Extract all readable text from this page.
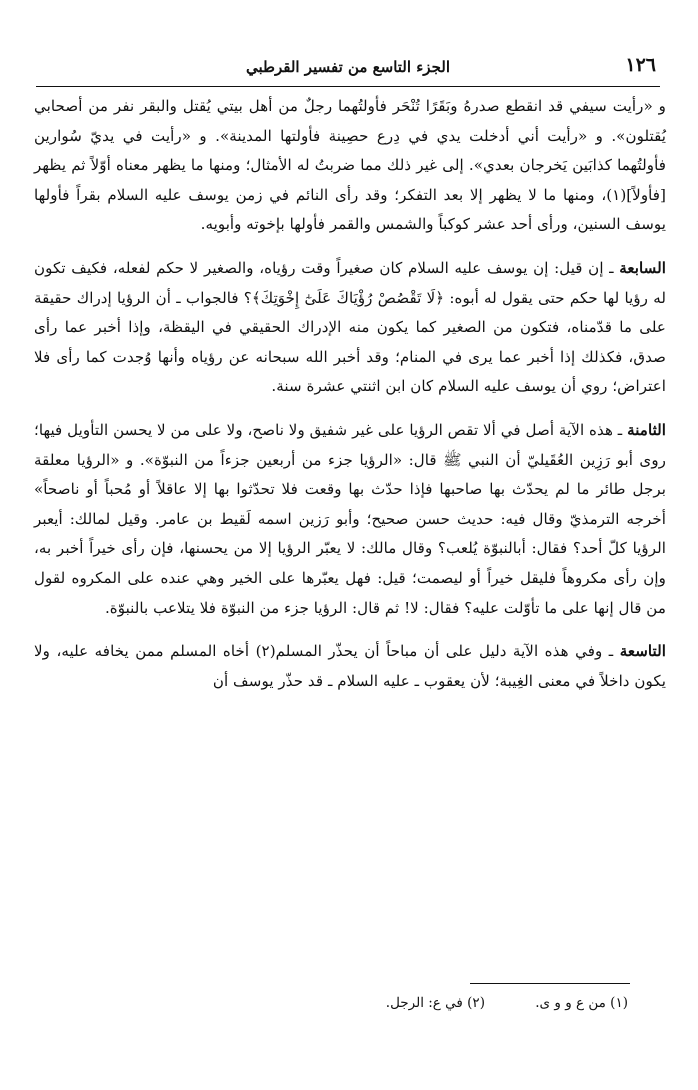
١٢٦
الجزء التاسع من تفسير القرطبي

و «رأيت سيفي قد انقطع صدرهُ وبَقَرًا تُنْحَر فأولتُهما رجلٌ من أهل بيتي يُقتل والبقر نفر من أصحابي يُقتلون». و «رأيت أني أدخلت يدي في دِرع حصِينة فأولتها المدينة». و «رأيت في يديّ سُوارين فأولتُهما كذابَين يَخرجان بعدي». إلى غير ذلك مما ضربتُ له الأمثال؛ ومنها ما يظهر معناه أوّلاً ثم يظهر [فأولاً](١)، ومنها ما لا يظهر إلا بعد التفكر؛ وقد رأى النائم في زمن يوسف عليه السلام بقراً فأولها يوسف السنين، ورأى أحد عشر كوكباً والشمس والقمر فأولها بإخوته وأبويه.

السابعة ـ إن قيل: إن يوسف عليه السلام كان صغيراً وقت رؤياه، والصغير لا حكم لفعله، فكيف تكون له رؤيا لها حكم حتى يقول له أبوه: ﴿لَا تَقْصُصْ رُؤْيَاكَ عَلَىٰٓ إِخْوَتِكَ﴾؟ فالجواب ـ أن الرؤيا إدراك حقيقة على ما قدّمناه، فتكون من الصغير كما يكون منه الإدراك الحقيقي في اليقظة، وإذا أخبر عما رأى صدق، فكذلك إذا أخبر عما يرى في المنام؛ وقد أخبر الله سبحانه عن رؤياه وأنها وُجدت كما رأى فلا اعتراض؛ روي أن يوسف عليه السلام كان ابن اثنتي عشرة سنة.

الثامنة ـ هذه الآية أصل في ألا تقص الرؤيا على غير شفيق ولا ناصح، ولا على من لا يحسن التأويل فيها؛ روى أبو رَزِين العُقَيليّ أن النبي ﷺ قال: «الرؤيا جزء من أربعين جزءاً من النبوّة». و «الرؤيا معلقة برجل طائر ما لم يحدّث بها صاحبها فإذا حدّث بها وقعت فلا تحدّثوا بها إلا عاقلاً أو مُحباً أو ناصحاً» أخرجه الترمذيّ وقال فيه: حديث حسن صحيح؛ وأبو رَزين اسمه لَقيط بن عامر. وقيل لمالك: أيعبر الرؤيا كلّ أحد؟ فقال: أبالنبوّة يُلعب؟ وقال مالك: لا يعبّر الرؤيا إلا من يحسنها، فإن رأى خيراً أخبر به، وإن رأى مكروهاً فليقل خيراً أو ليصمت؛ قيل: فهل يعبّرها على الخير وهي عنده على المكروه لقول من قال إنها على ما تأوّلت عليه؟ فقال: لا! ثم قال: الرؤيا جزء من النبوّة فلا يتلاعب بالنبوّة.

التاسعة ـ وفي هذه الآية دليل على أن مباحاً أن يحذّر المسلم(٢) أخاه المسلم ممن يخافه عليه، ولا يكون داخلاً في معنى الغِيبة؛ لأن يعقوب ـ عليه السلام ـ قد حذّر يوسف أن

(١) من ع و و ى. (٢) في ع: الرجل.
